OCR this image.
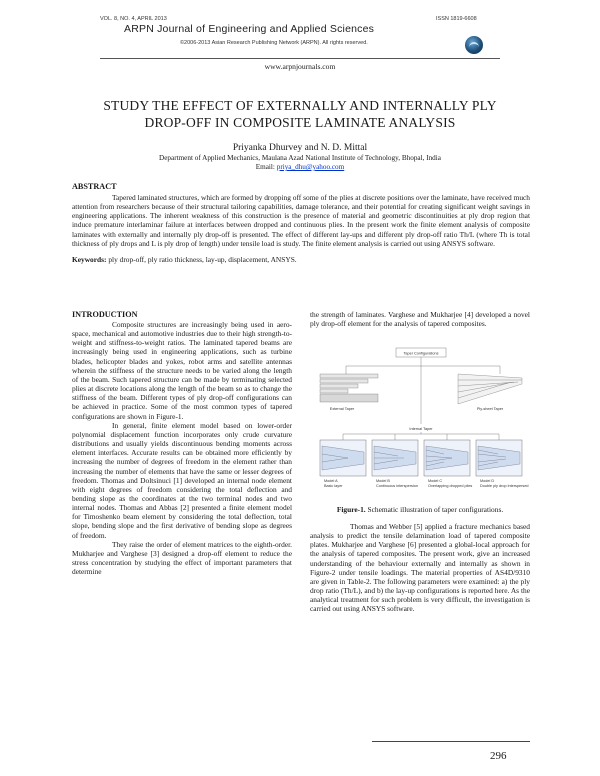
VOL. 8, NO. 4, APRIL 2013	ISSN 1819-6608
ARPN Journal of Engineering and Applied Sciences
©2006-2013 Asian Research Publishing Network (ARPN). All rights reserved.
www.arpnjournals.com
STUDY THE EFFECT OF EXTERNALLY AND INTERNALLY PLY
DROP-OFF IN COMPOSITE LAMINATE ANALYSIS
Priyanka Dhurvey and N. D. Mittal
Department of Applied Mechanics, Maulana Azad National Institute of Technology, Bhopal, India
Email: priya_dhu@yahoo.com
ABSTRACT

Tapered laminated structures, which are formed by dropping off some of the plies at discrete positions over the laminate, have received much attention from researchers because of their structural tailoring capabilities, damage tolerance, and their potential for creating significant weight savings in engineering applications. The inherent weakness of this construction is the presence of material and geometric discontinuities at ply drop region that induce premature interlaminar failure at interfaces between dropped and continuous plies. In the present work the finite element analysis of composite laminates with externally and internally ply drop-off is presented. The effect of different lay-ups and different ply drop-off ratio Th/L (where Th is total thickness of ply drops and L is ply drop of length) under tensile load is study. The finite element analysis is carried out using ANSYS software.

Keywords: ply drop-off, ply ratio thickness, lay-up, displacement, ANSYS.
INTRODUCTION

Composite structures are increasingly being used in aero-space, mechanical and automotive industries due to their high strength-to-weight and stiffness-to-weight ratios. The laminated tapered beams are increasingly being used in engineering applications, such as turbine blades, helicopter blades and yokes, robot arms and satellite antennas wherein the stiffness of the structure needs to be varied along the length of the beam. Such tapered structure can be made by terminating selected plies at discrete locations along the length of the beam so as to change the stiffness of the beam. Different types of ply drop-off configurations can be achieved in practice. Some of the most common types of tapered configurations are shown in Figure-1.

In general, finite element model based on lower-order polynomial displacement function incorporates only crude curvature distributions and usually yields discontinuous bending moments across element interfaces. Accurate results can be obtained more efficiently by increasing the number of degrees of freedom in the element rather than increasing the number of elements that have the same or lesser degrees of freedom. Thomas and Doltsinuci [1] developed an internal node element with eight degrees of freedom considering the total deflection and bending slope as the coordinates at the two terminal nodes and two internal nodes. Thomas and Abbas [2] presented a finite element model for Timoshenko beam element by considering the total deflection, total slope, bending slope and the first derivative of bending slope as degrees of freedom.

They raise the order of element matrices to the eighth-order. Mukharjee and Varghese [3] designed a drop-off element to reduce the stress concentration by studying the effect of important parameters that determine

the strength of laminates. Varghese and Mukharjee [4] developed a novel ply drop-off element for the analysis of tapered composites.

Taper Configurations
External Taper	Ply-sheet Taper
Internal Taper
Model A
Basic layer
Model B
Continuous interspersion
Model C
Overlapping dropped plies
Model D
Double ply drop interspersed
Figure-1. Schematic illustration of taper configurations.

Thomas and Webber [5] applied a fracture mechanics based analysis to predict the tensile delamination load of tapered composite plates. Mukharjee and Varghese [6] presented a global-local approach for the analysis of tapered composites. The present work, give an increased understanding of the behaviour externally and internally as shown in Figure-2 under tensile loadings. The material properties of AS4D/9310 are given in Table-2. The following parameters were examined: a) the ply drop ratio (Th/L), and b) the lay-up configurations is reported here. As the analytical treatment for such problem is very difficult, the investigation is carried out using ANSYS software.

296
